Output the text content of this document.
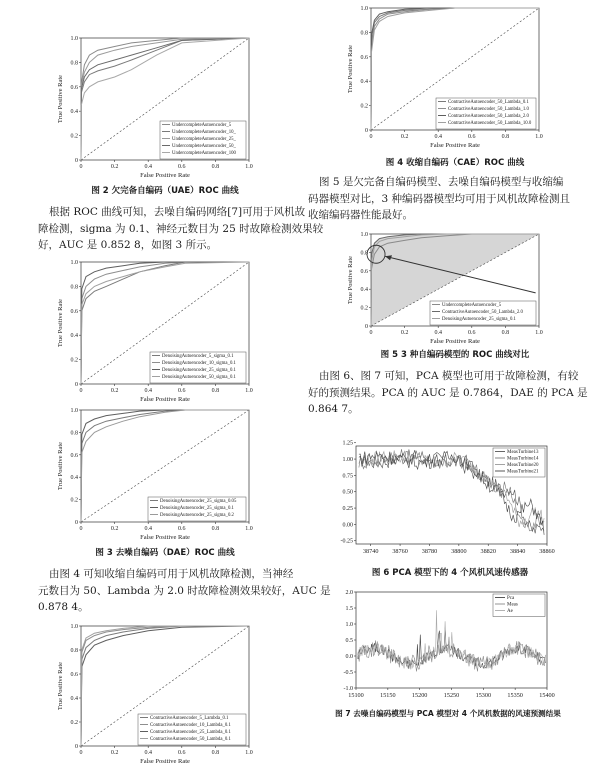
0	0.2	0.4	0.6	0.8	1.0
0
0.2
0.4
0.6
0.8
1.0
False Positive Rate
True Positive Rate
UndercompleteAutoencoder_5
UndercompleteAutoencoder_10_
UndercompleteAutoencoder_25_
UndercompleteAutoencoder_50_
UndercompleteAutoencoder_100
图 2 欠完备自编码（UAE）ROC 曲线
根据 ROC 曲线可知，去噪自编码网络[7]可用于风机故
障检测，sigma 为 0.1、神经元数目为 25 时故障检测效果较
好，AUC 是 0.852 8，如图 3 所示。
0	0.2	0.4	0.6	0.8	1.0
0
0.2
0.4
0.6
0.8
1.0
False Positive Rate
True Positive Rate
DenoisingAutoencoder_5_sigma_0.1
DenoisingAutoencoder_10_sigma_0.1
DenoisingAutoencoder_25_sigma_0.1
DenoisingAutoencoder_50_sigma_0.1
0	0.2	0.4	0.6	0.8	1.0
0
0.2
0.4
0.6
0.8
1.0
False Positive Rate
True Positive Rate
DenoisingAutoencoder_25_sigma_0.05
DenoisingAutoencoder_25_sigma_0.1
DenoisingAutoencoder_25_sigma_0.2
图 3 去噪自编码（DAE）ROC 曲线
由图 4 可知收缩自编码可用于风机故障检测，当神经
元数目为 50、Lambda 为 2.0 时故障检测效果较好，AUC 是
0.878 4。
0	0.2	0.4	0.6	0.8	1.0
0
0.2
0.4
0.6
0.8
1.0
False Positive Rate
True Positive Rate
ContractiveAutoencoder_5_Lambda_0.1
ContractiveAutoencoder_10_Lambda_0.1
ContractiveAutoencoder_25_Lambda_0.1
ContractiveAutoencoder_50_Lambda_0.1
0	0.2	0.4	0.6	0.8	1.0
0
0.2
0.4
0.6
0.8
1.0
False Positive Rate
True Positive Rate
ContractiveAutoencoder_50_Lambda_0.1
ContractiveAutoencoder_50_Lambda_1.0
ContractiveAutoencoder_50_Lambda_2.0
ContractiveAutoencoder_50_Lambda_10.0
图 4 收缩自编码（CAE）ROC 曲线
图 5 是欠完备自编码模型、去噪自编码模型与收缩编
码器模型对比，3 种编码器模型均可用于风机故障检测且
收缩编码器性能最好。
0	0.2	0.4	0.6	0.8	1.0
0
0.2
0.4
0.6
0.8
1.0
False Positive Rate
True Positive Rate
UndercompleteAutoencoder_5
ContractiveAutoencoder_50_Lambda_2.0
DenoisingAutoencoder_25_sigma_0.1
图 5 3 种自编码模型的 ROC 曲线对比
由图 6、图 7 可知，PCA 模型也可用于故障检测，有较
好的预测结果。PCA 的 AUC 是 0.7864，DAE 的 PCA 是
0.864 7。
38740 38760 38780 38800 38820 38840 38860
1.25
1.00
0.75
0.50
0.25
0.00
-0.25
MeasTurbine13
MeasTurbine14
MeasTurbine20
MeasTurbine21
图 6 PCA 模型下的 4 个风机风速传感器
15100	15150	15200	15250	15300	15350	15400
2.0
1.5
1.0
0.5
0.0
-0.5
-1.0
Pca
Meas
Ae
图 7 去噪自编码模型与 PCA 模型对 4 个风机数据的风速预测结果
